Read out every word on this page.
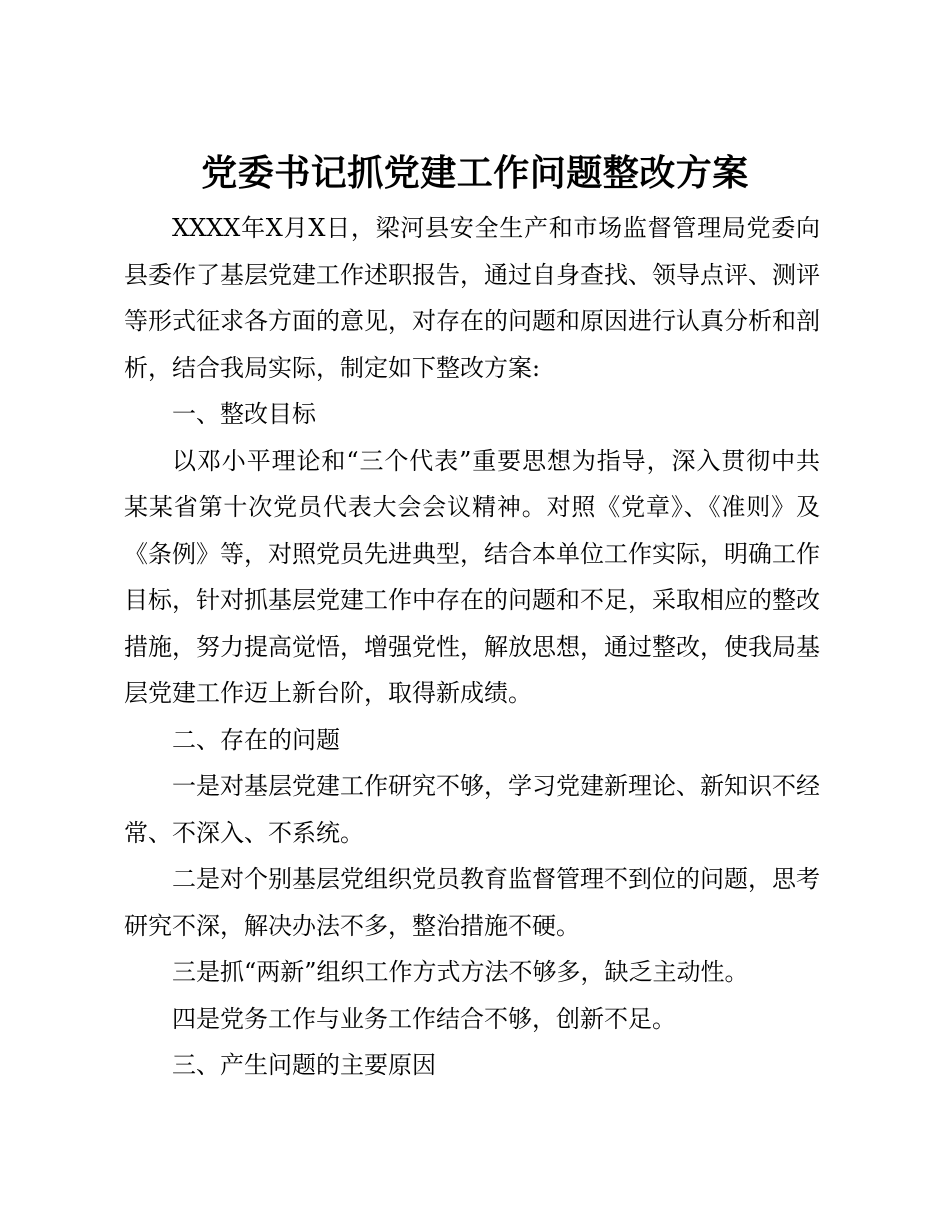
党委书记抓党建工作问题整改方案

XXXX年X月X日，梁河县安全生产和市场监督管理局党委向县委作了基层党建工作述职报告，通过自身查找、领导点评、测评等形式征求各方面的意见，对存在的问题和原因进行认真分析和剖析，结合我局实际，制定如下整改方案:

一、整改目标

以邓小平理论和“三个代表”重要思想为指导，深入贯彻中共某某省第十次党员代表大会会议精神。对照《党章》、《准则》及《条例》等，对照党员先进典型，结合本单位工作实际，明确工作目标，针对抓基层党建工作中存在的问题和不足，采取相应的整改措施，努力提高觉悟，增强党性，解放思想，通过整改，使我局基层党建工作迈上新台阶，取得新成绩。

二、存在的问题

一是对基层党建工作研究不够，学习党建新理论、新知识不经常、不深入、不系统。

二是对个别基层党组织党员教育监督管理不到位的问题，思考研究不深，解决办法不多，整治措施不硬。

三是抓“两新”组织工作方式方法不够多，缺乏主动性。

四是党务工作与业务工作结合不够，创新不足。

三、产生问题的主要原因
